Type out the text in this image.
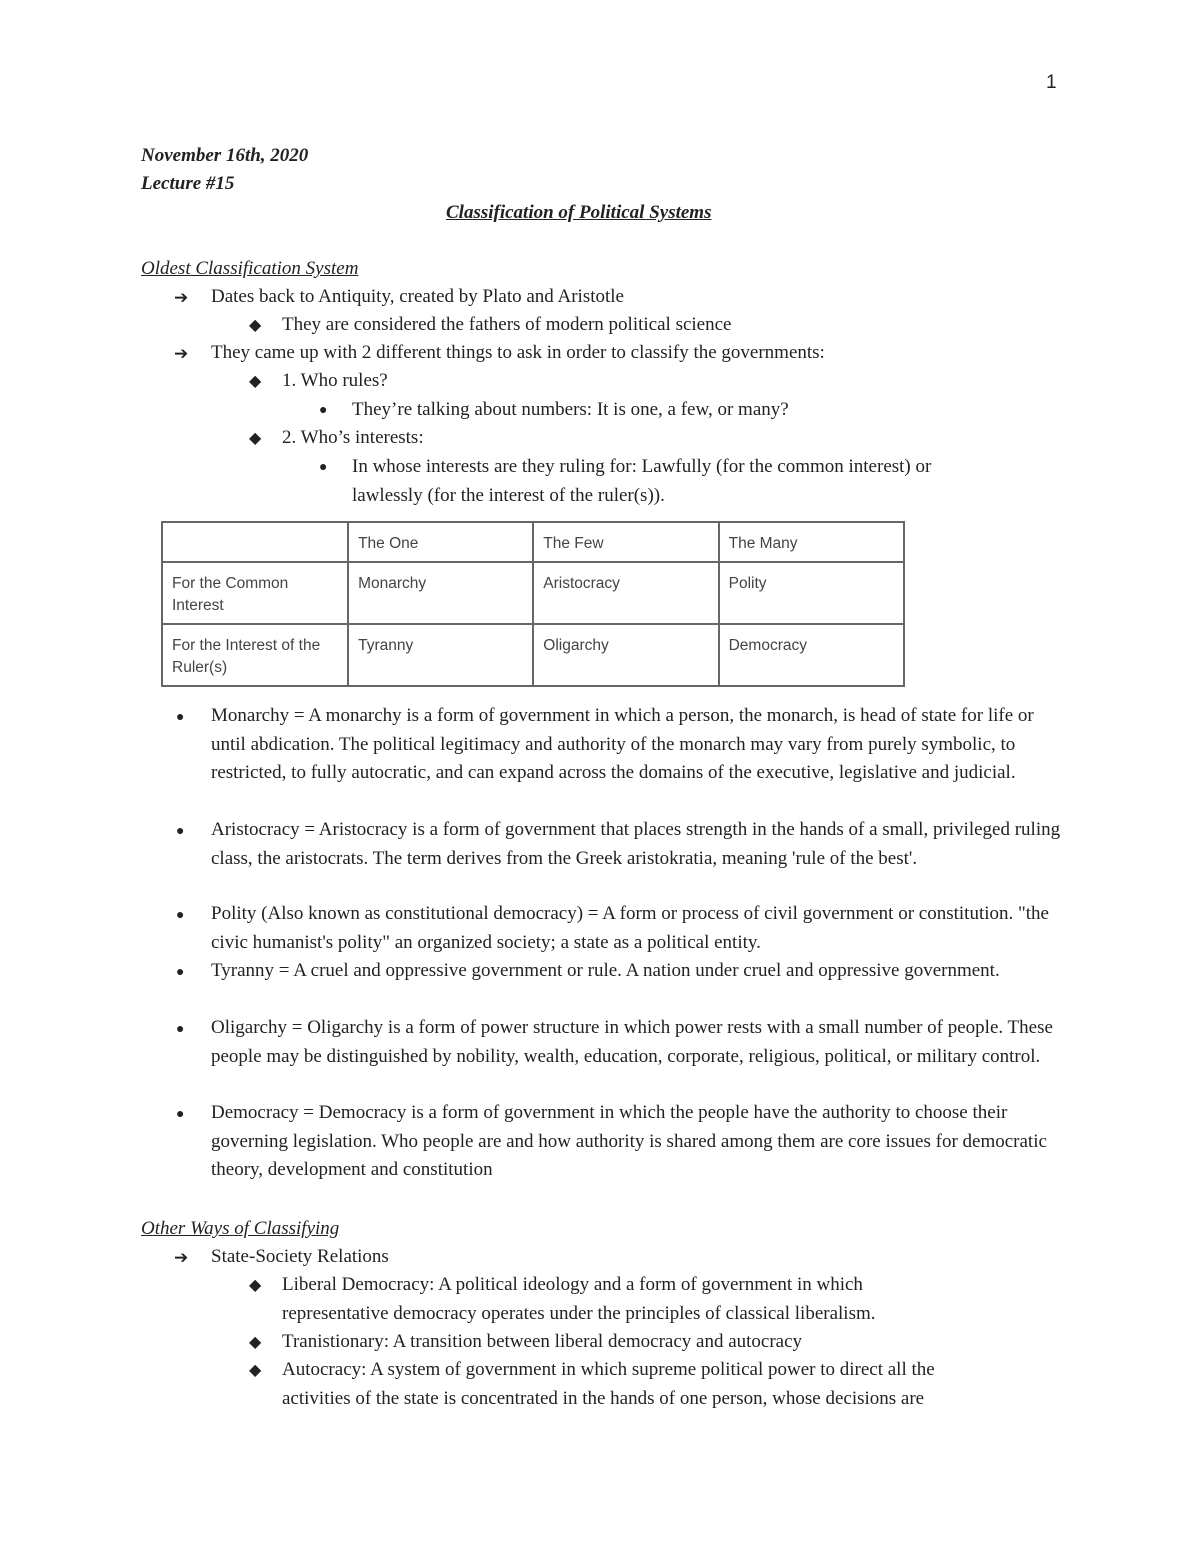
1
November 16th, 2020
Lecture #15
Classification of Political Systems
Oldest Classification System
➔ Dates back to Antiquity, created by Plato and Aristotle
◆ They are considered the fathers of modern political science
➔ They came up with 2 different things to ask in order to classify the governments:
◆ 1. Who rules?
● They’re talking about numbers: It is one, a few, or many?
◆ 2. Who’s interests:
● In whose interests are they ruling for: Lawfully (for the common interest) or
lawlessly (for the interest of the ruler(s)).
	The One	The Few	The Many
For the Common Interest	Monarchy	Aristocracy	Polity
For the Interest of the Ruler(s)	Tyranny	Oligarchy	Democracy
● Monarchy = A monarchy is a form of government in which a person, the monarch, is head of state for life or until abdication. The political legitimacy and authority of the monarch may vary from purely symbolic, to restricted, to fully autocratic, and can expand across the domains of the executive, legislative and judicial.
● Aristocracy = Aristocracy is a form of government that places strength in the hands of a small, privileged ruling class, the aristocrats. The term derives from the Greek aristokratia, meaning 'rule of the best'.
● Polity (Also known as constitutional democracy) = A form or process of civil government or constitution. "the civic humanist's polity" an organized society; a state as a political entity.
● Tyranny = A cruel and oppressive government or rule. A nation under cruel and oppressive government.
● Oligarchy = Oligarchy is a form of power structure in which power rests with a small number of people. These people may be distinguished by nobility, wealth, education, corporate, religious, political, or military control.
● Democracy = Democracy is a form of government in which the people have the authority to choose their governing legislation. Who people are and how authority is shared among them are core issues for democratic theory, development and constitution
Other Ways of Classifying
➔ State-Society Relations
◆ Liberal Democracy: A political ideology and a form of government in which
representative democracy operates under the principles of classical liberalism.
◆ Tranistionary: A transition between liberal democracy and autocracy
◆ Autocracy: A system of government in which supreme political power to direct all the
activities of the state is concentrated in the hands of one person, whose decisions are
